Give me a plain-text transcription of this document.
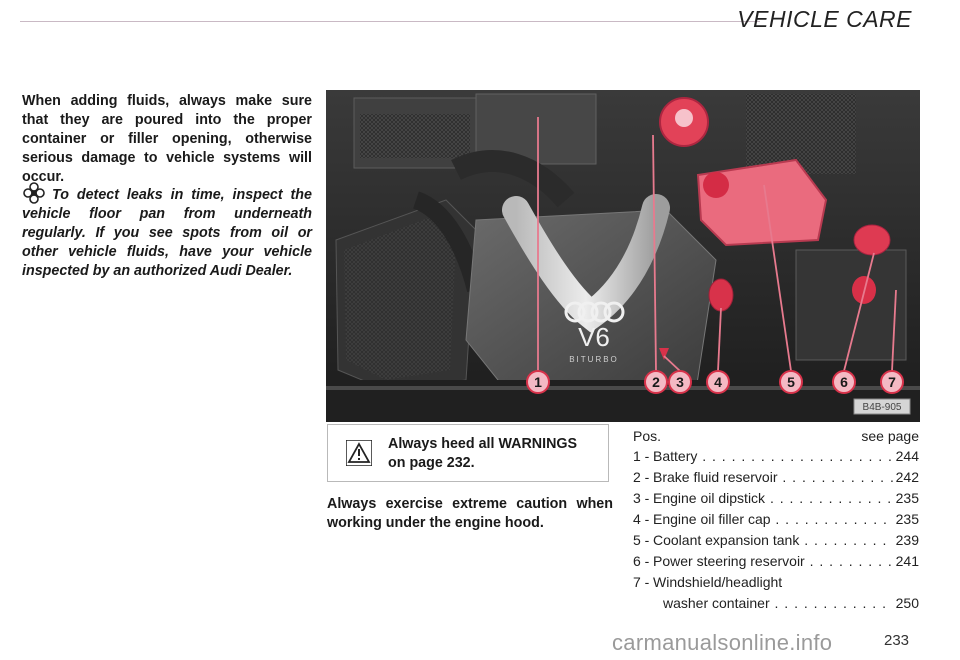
VEHICLE CARE
When adding fluids, always make sure that they are poured into the proper container or filler opening, otherwise serious damage to vehicle systems will occur.
To detect leaks in time, inspect the vehicle floor pan from underneath regularly. If you see spots from oil or other vehicle fluids, have your vehicle inspected by an authorized Audi Dealer.
V6
BITURBO
1	2 3 4	5	6	7
B4B-905
Always heed all WARNINGS on page 232.
Always exercise extreme caution when working under the engine hood.
Pos.	see page
1 - Battery . . .	244
2 - Brake fluid reservoir . . .	242
3 - Engine oil dipstick . . .	235
4 - Engine oil filler cap . . .	235
5 - Coolant expansion tank . . .	239
6 - Power steering reservoir . . .	241
7 - Windshield/headlight
washer container . . .	250
carmanualsonline.info	233
